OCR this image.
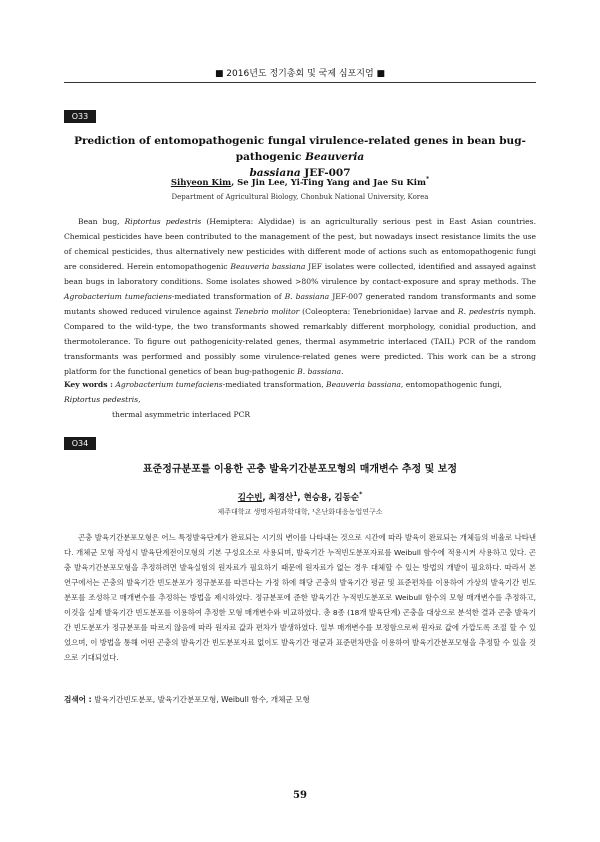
■ 2016년도 정기총회 및 국제 심포지엄 ■
O33
Prediction of entomopathogenic fungal virulence-related genes in bean bug-pathogenic Beauveria
bassiana JEF-007
Sihyeon Kim, Se Jin Lee, Yi-Ting Yang and Jae Su Kim*
Department of Agricultural Biology, Chonbuk National University, Korea
Bean bug, Riptortus pedestris (Hemiptera: Alydidae) is an agriculturally serious pest in East Asian countries. Chemical pesticides have been contributed to the management of the pest, but nowadays insect resistance limits the use of chemical pesticides, thus alternatively new pesticides with different mode of actions such as entomopathogenic fungi are considered. Herein entomopathogenic Beauveria bassiana JEF isolates were collected, identified and assayed against bean bugs in laboratory conditions. Some isolates showed >80% virulence by contact-exposure and spray methods. The Agrobacterium tumefaciens-mediated transformation of B. bassiana JEF-007 generated random transformants and some mutants showed reduced virulence against Tenebrio molitor (Coleoptera: Tenebrionidae) larvae and R. pedestris nymph. Compared to the wild-type, the two transformants showed remarkably different morphology, conidial production, and thermotolerance. To figure out pathogenicity-related genes, thermal asymmetric interlaced (TAIL) PCR of the random transformants was performed and possibly some virulence-related genes were predicted. This work can be a strong platform for the functional genetics of bean bug-pathogenic B. bassiana.
Key words : Agrobacterium tumefaciens-mediated transformation, Beauveria bassiana, entomopathogenic fungi, Riptortus pedestris,
thermal asymmetric interlaced PCR
O34
표준정규분포를 이용한 곤충 발육기간분포모형의 매개변수 추정 및 보정
김수빈, 최경산$^1$, 현승용, 김동순*
제주대학교 생명자원과학대학, ¹온난화대응농업연구소
곤충 발육기간분포모형은 어느 특정발육단계가 완료되는 시기의 변이를 나타내는 것으로 시간에 따라 발육이 완료되는 개체들의 비율로 나타낸다. 개체군 모형 작성시 발육단계전이모형의 기본 구성요소로 사용되며, 발육기간 누적빈도분포자료를 Weibull 함수에 적용시켜 사용하고 있다. 곤충 발육기간분포모형을 추정하려면 발육실험의 원자료가 필요하기 때문에 원자료가 없는 경우 대체할 수 있는 방법의 개발이 필요하다. 따라서 본 연구에서는 곤충의 발육기간 빈도분포가 정규분포를 따른다는 가정 하에 해당 곤충의 발육기간 평균 및 표준편차를 이용하여 가상의 발육기간 빈도분포를 조성하고 매개변수를 추정하는 방법을 제시하였다. 정규분포에 준한 발육기간 누적빈도분포로 Weibull 함수의 모형 매개변수를 추정하고, 이것을 실제 발육기간 빈도분포를 이용하여 추정한 모형 매개변수와 비교하였다. 총 8종 (18개 발육단계) 곤충을 대상으로 분석한 결과 곤충 발육기간 빈도분포가 정규분포를 따르지 않음에 따라 원자료 값과 편차가 발생하였다. 일부 매개변수를 보정함으로써 원자료 값에 가깝도록 조절 할 수 있었으며, 이 방법을 통해 어떤 곤충의 발육기간 빈도분포자료 없이도 발육기간 평균과 표준편차만을 이용하여 발육기간분포모형을 추정할 수 있을 것으로 기대되었다.
검색어 : 발육기간빈도분포, 발육기간분포모형, Weibull 함수, 개체군 모형
59
